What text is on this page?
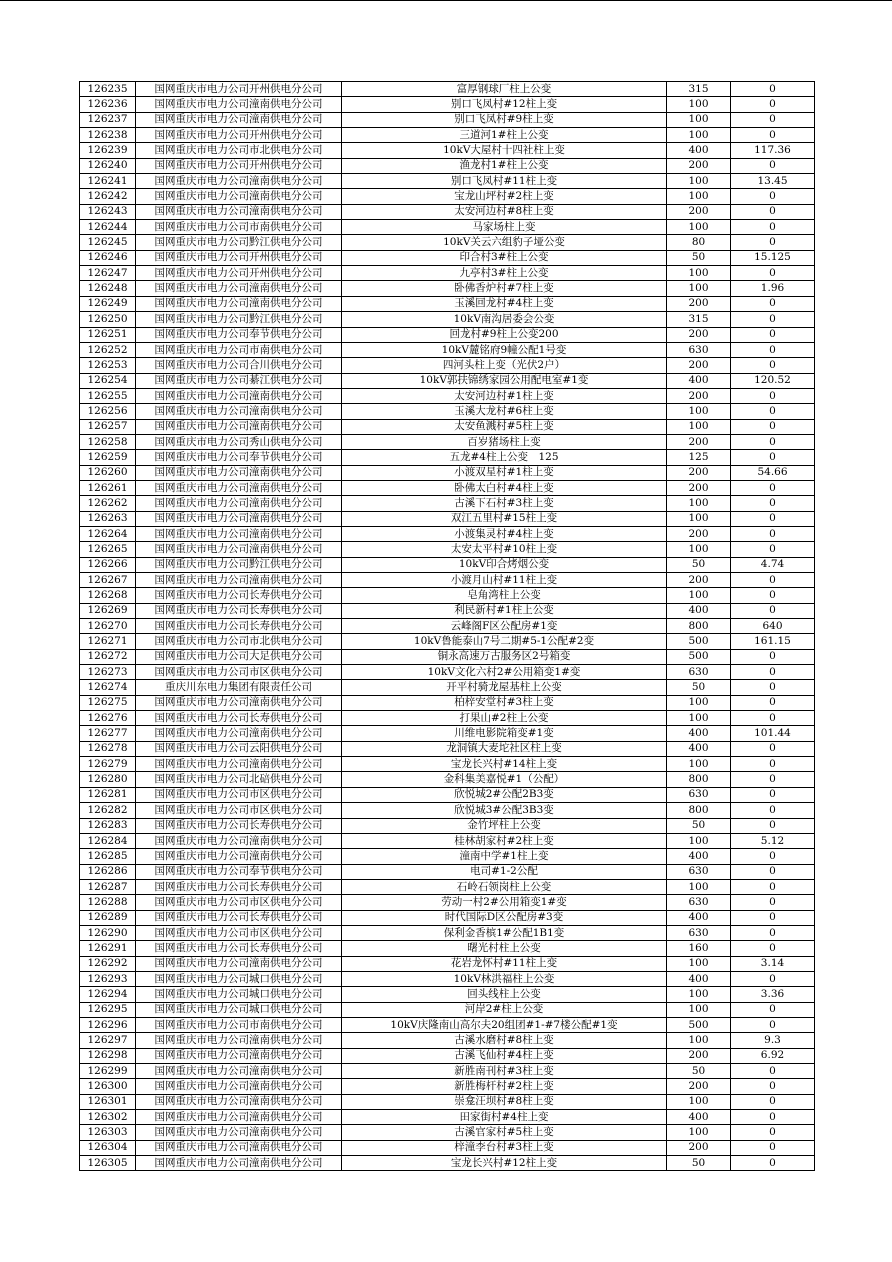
126235	国网重庆市电力公司开州供电分公司	富厚钢球厂柱上公变	315	0
126236	国网重庆市电力公司潼南供电分公司	别口飞凤村#12柱上变	100	0
126237	国网重庆市电力公司潼南供电分公司	别口飞凤村#9柱上变	100	0
126238	国网重庆市电力公司开州供电分公司	三道河1#柱上公变	100	0
126239	国网重庆市电力公司市北供电分公司	10kV大屋村十四社柱上变	400	117.36
126240	国网重庆市电力公司开州供电分公司	渔龙村1#柱上公变	200	0
126241	国网重庆市电力公司潼南供电分公司	别口飞凤村#11柱上变	100	13.45
126242	国网重庆市电力公司潼南供电分公司	宝龙山坪村#2柱上变	100	0
126243	国网重庆市电力公司潼南供电分公司	太安河边村#8柱上变	200	0
126244	国网重庆市电力公司市南供电分公司	马家场柱上变	100	0
126245	国网重庆市电力公司黔江供电分公司	10kV关云六组豹子垭公变	80	0
126246	国网重庆市电力公司开州供电分公司	印合村3#柱上公变	50	15.125
126247	国网重庆市电力公司开州供电分公司	九亭村3#柱上公变	100	0
126248	国网重庆市电力公司潼南供电分公司	卧佛香炉村#7柱上变	100	1.96
126249	国网重庆市电力公司潼南供电分公司	玉溪回龙村#4柱上变	200	0
126250	国网重庆市电力公司黔江供电分公司	10kV南沟居委会公变	315	0
126251	国网重庆市电力公司奉节供电分公司	回龙村#9柱上公变200	200	0
126252	国网重庆市电力公司市南供电分公司	10kV麓铭府9幢公配1号变	630	0
126253	国网重庆市电力公司合川供电分公司	四河头柱上变（光伏2户）	200	0
126254	国网重庆市电力公司綦江供电分公司	10kV郭扶锦绣家园公用配电室#1变	400	120.52
126255	国网重庆市电力公司潼南供电分公司	太安河边村#1柱上变	200	0
126256	国网重庆市电力公司潼南供电分公司	玉溪大龙村#6柱上变	100	0
126257	国网重庆市电力公司潼南供电分公司	太安鱼溅村#5柱上变	100	0
126258	国网重庆市电力公司秀山供电分公司	百岁猪场柱上变	200	0
126259	国网重庆市电力公司奉节供电分公司	五龙#4柱上公变　125	125	0
126260	国网重庆市电力公司潼南供电分公司	小渡双星村#1柱上变	200	54.66
126261	国网重庆市电力公司潼南供电分公司	卧佛太白村#4柱上变	200	0
126262	国网重庆市电力公司潼南供电分公司	古溪下石村#3柱上变	100	0
126263	国网重庆市电力公司潼南供电分公司	双江五里村#15柱上变	100	0
126264	国网重庆市电力公司潼南供电分公司	小渡集灵村#4柱上变	200	0
126265	国网重庆市电力公司潼南供电分公司	太安太平村#10柱上变	100	0
126266	国网重庆市电力公司黔江供电分公司	10kV印合烤烟公变	50	4.74
126267	国网重庆市电力公司潼南供电分公司	小渡月山村#11柱上变	200	0
126268	国网重庆市电力公司长寿供电分公司	皂角湾柱上公变	100	0
126269	国网重庆市电力公司长寿供电分公司	利民新村#1柱上公变	400	0
126270	国网重庆市电力公司长寿供电分公司	云峰阁F区公配房#1变	800	640
126271	国网重庆市电力公司市北供电分公司	10kV鲁能泰山7号二期#5-1公配#2变	500	161.15
126272	国网重庆市电力公司大足供电分公司	铜永高速万古服务区2号箱变	500	0
126273	国网重庆市电力公司市区供电分公司	10kV文化六村2#公用箱变1#变	630	0
126274	重庆川东电力集团有限责任公司	开平村骑龙屋基柱上公变	50	0
126275	国网重庆市电力公司潼南供电分公司	柏梓安堂村#3柱上变	100	0
126276	国网重庆市电力公司长寿供电分公司	打果山#2柱上公变	100	0
126277	国网重庆市电力公司潼南供电分公司	川维电影院箱变#1变	400	101.44
126278	国网重庆市电力公司云阳供电分公司	龙洞镇大麦坨社区柱上变	400	0
126279	国网重庆市电力公司潼南供电分公司	宝龙长兴村#14柱上变	100	0
126280	国网重庆市电力公司北碚供电分公司	金科集美嘉悦#1（公配）	800	0
126281	国网重庆市电力公司市区供电分公司	欣悦城2#公配2B3变	630	0
126282	国网重庆市电力公司市区供电分公司	欣悦城3#公配3B3变	800	0
126283	国网重庆市电力公司长寿供电分公司	金竹坪柱上公变	50	0
126284	国网重庆市电力公司潼南供电分公司	桂林胡家村#2柱上变	100	5.12
126285	国网重庆市电力公司潼南供电分公司	潼南中学#1柱上变	400	0
126286	国网重庆市电力公司奉节供电分公司	电司#1-2公配	630	0
126287	国网重庆市电力公司长寿供电分公司	石岭石领岗柱上公变	100	0
126288	国网重庆市电力公司市区供电分公司	劳动一村2#公用箱变1#变	630	0
126289	国网重庆市电力公司长寿供电分公司	时代国际D区公配房#3变	400	0
126290	国网重庆市电力公司市区供电分公司	保利金香槟1#公配1B1变	630	0
126291	国网重庆市电力公司长寿供电分公司	曙光村柱上公变	160	0
126292	国网重庆市电力公司潼南供电分公司	花岩龙怀村#11柱上变	100	3.14
126293	国网重庆市电力公司城口供电分公司	10kV林洪福柱上公变	400	0
126294	国网重庆市电力公司城口供电分公司	回头线柱上公变	100	3.36
126295	国网重庆市电力公司城口供电分公司	河岸2#柱上公变	100	0
126296	国网重庆市电力公司市南供电分公司	10kV庆隆南山高尔夫20组团#1-#7楼公配#1变	500	0
126297	国网重庆市电力公司潼南供电分公司	古溪水磨村#8柱上变	100	9.3
126298	国网重庆市电力公司潼南供电分公司	古溪飞仙村#4柱上变	200	6.92
126299	国网重庆市电力公司潼南供电分公司	新胜南刊村#3柱上变	50	0
126300	国网重庆市电力公司潼南供电分公司	新胜梅杆村#2柱上变	200	0
126301	国网重庆市电力公司潼南供电分公司	崇龛汪坝村#8柱上变	100	0
126302	国网重庆市电力公司潼南供电分公司	田家街村#4柱上变	400	0
126303	国网重庆市电力公司潼南供电分公司	古溪官家村#5柱上变	100	0
126304	国网重庆市电力公司潼南供电分公司	梓潼李台村#3柱上变	200	0
126305	国网重庆市电力公司潼南供电分公司	宝龙长兴村#12柱上变	50	0
